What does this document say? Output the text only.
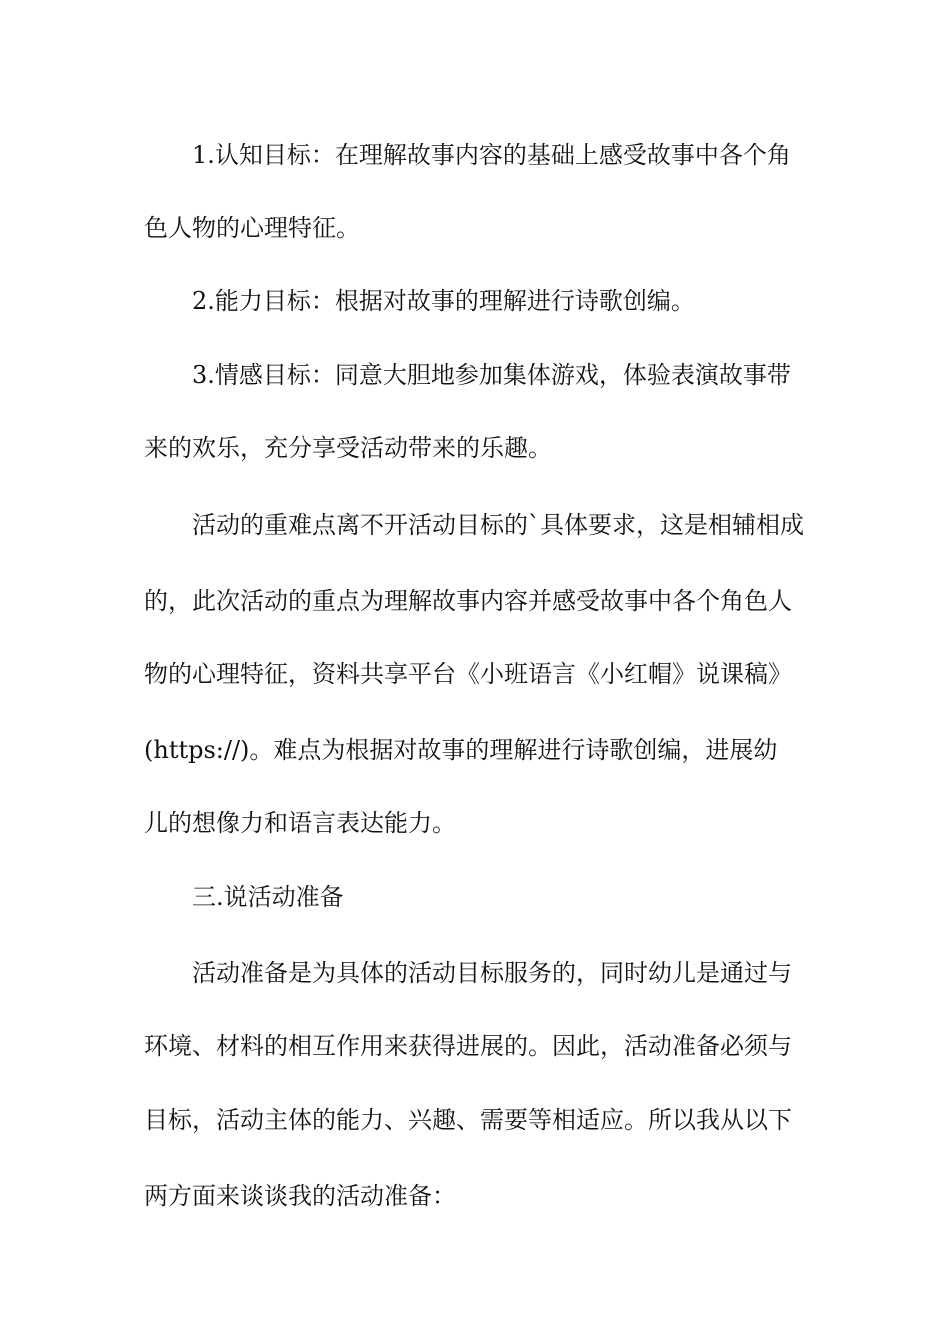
1.认知目标：在理解故事内容的基础上感受故事中各个角
色人物的心理特征。
2.能力目标：根据对故事的理解进行诗歌创编。
3.情感目标：同意大胆地参加集体游戏，体验表演故事带
来的欢乐，充分享受活动带来的乐趣。
活动的重难点离不开活动目标的`具体要求，这是相辅相成
的，此次活动的重点为理解故事内容并感受故事中各个角色人
物的心理特征，资料共享平台《小班语言《小红帽》说课稿》
(https://)。难点为根据对故事的理解进行诗歌创编，进展幼
儿的想像力和语言表达能力。
三.说活动准备
活动准备是为具体的活动目标服务的，同时幼儿是通过与
环境、材料的相互作用来获得进展的。因此，活动准备必须与
目标，活动主体的能力、兴趣、需要等相适应。所以我从以下
两方面来谈谈我的活动准备：
